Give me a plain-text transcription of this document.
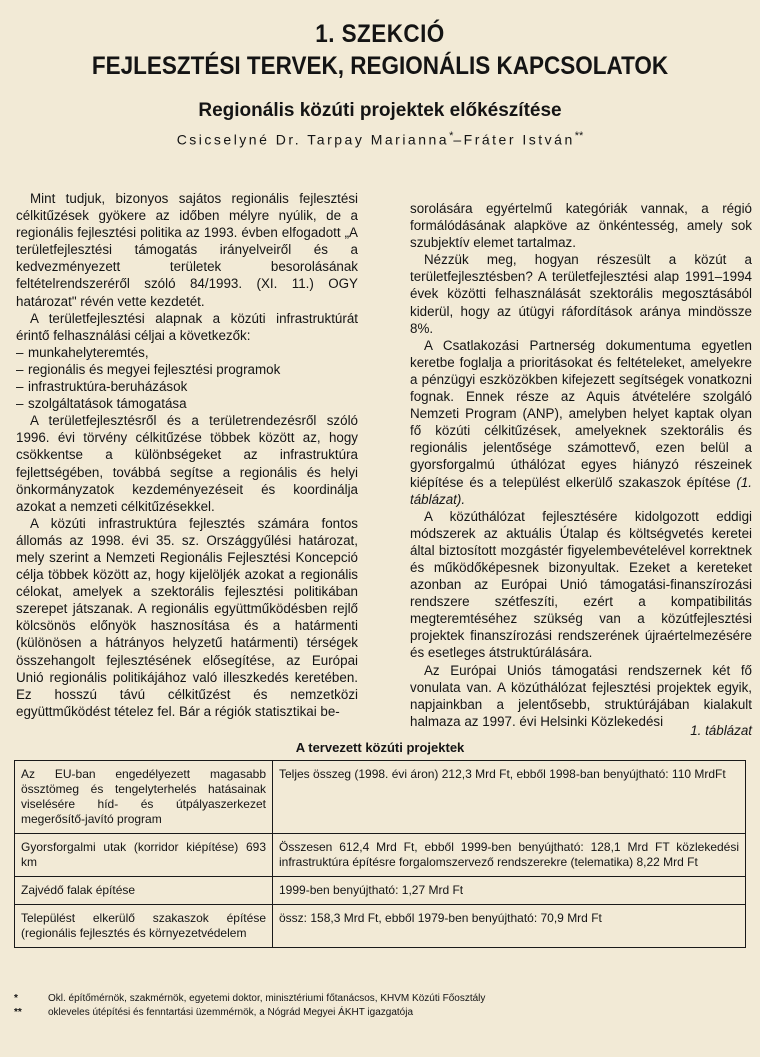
1. SZEKCIÓ
FEJLESZTÉSI TERVEK, REGIONÁLIS KAPCSOLATOK
Regionális közúti projektek előkészítése
Csicselyné Dr. Tarpay Marianna*–Fráter István**

Mint tudjuk, bizonyos sajátos regionális fejlesztési célkitűzések gyökere az időben mélyre nyúlik, de a regionális fejlesztési politika az 1993. évben elfogadott „A területfejlesztési támogatás irányelveiről és a kedvezményezett területek besorolásának feltételrendszeréről szóló 84/1993. (XI. 11.) OGY határozat" révén vette kezdetét.

A területfejlesztési alapnak a közúti infrastruktúrát érintő felhasználási céljai a következők:

– munkahelyteremtés,
– regionális és megyei fejlesztési programok
– infrastruktúra-beruházások
– szolgáltatások támogatása

A területfejlesztésről és a területrendezésről szóló 1996. évi törvény célkitűzése többek között az, hogy csökkentse a különbségeket az infrastruktúra fejlettségében, továbbá segítse a regionális és helyi önkormányzatok kezdeményezéseit és koordinálja azokat a nemzeti célkitűzésekkel.

A közúti infrastruktúra fejlesztés számára fontos állomás az 1998. évi 35. sz. Országgyűlési határozat, mely szerint a Nemzeti Regionális Fejlesztési Koncepció célja többek között az, hogy kijelöljék azokat a regionális célokat, amelyek a szektorális fejlesztési politikában szerepet játszanak. A regionális együttműködésben rejlő kölcsönös előnyök hasznosítása és a határmenti (különösen a hátrányos helyzetű határmenti) térségek összehangolt fejlesztésének elősegítése, az Európai Unió regionális politikájához való illeszkedés keretében. Ez hosszú távú célkitűzést és nemzetközi együttműködést tételez fel. Bár a régiók statisztikai be-

sorolására egyértelmű kategóriák vannak, a régió formálódásának alapköve az önkéntesség, amely sok szubjektív elemet tartalmaz.

Nézzük meg, hogyan részesült a közút a területfejlesztésben? A területfejlesztési alap 1991–1994 évek közötti felhasználását szektorális megosztásából kiderül, hogy az útügyi ráfordítások aránya mindössze 8%.

A Csatlakozási Partnerség dokumentuma egyetlen keretbe foglalja a prioritásokat és feltételeket, amelyekre a pénzügyi eszközökben kifejezett segítségek vonatkozni fognak. Ennek része az Aquis átvételére szolgáló Nemzeti Program (ANP), amelyben helyet kaptak olyan fő közúti célkitűzések, amelyeknek szektorális és regionális jelentősége számottevő, ezen belül a gyorsforgalmú úthálózat egyes hiányzó részeinek kiépítése és a települést elkerülő szakaszok építése (1. táblázat).

A közúthálózat fejlesztésére kidolgozott eddigi módszerek az aktuális Útalap és költségvetés keretei által biztosított mozgástér figyelembevételével korrektnek és működőképesnek bizonyultak. Ezeket a kereteket azonban az Európai Unió támogatási-finanszírozási rendszere szétfeszíti, ezért a kompatibilitás megteremtéséhez szükség van a közútfejlesztési projektek finanszírozási rendszerének újraértelmezésére és esetleges átstruktúrálására.

Az Európai Uniós támogatási rendszernek két fő vonulata van. A közúthálózat fejlesztési projektek egyik, napjainkban a jelentősebb, struktúrájában kialakult halmaza az 1997. évi Helsinki Közlekedési

1. táblázat
A tervezett közúti projektek
Az EU-ban engedélyezett magasabb össztömeg és tengelyterhelés hatásainak viselésére híd- és útpályaszerkezet megerősítő-javító program	Teljes összeg (1998. évi áron) 212,3 Mrd Ft, ebből 1998-ban benyújtható: 110 MrdFt
Gyorsforgalmi utak (korridor kiépítése) 693 km	Összesen 612,4 Mrd Ft, ebből 1999-ben benyújtható: 128,1 Mrd FT közlekedési infrastruktúra építésre forgalomszervező rendszerekre (telematika) 8,22 Mrd Ft
Zajvédő falak építése	1999-ben benyújtható: 1,27 Mrd Ft
Települést elkerülő szakaszok építése (regionális fejlesztés és környezetvédelem	össz: 158,3 Mrd Ft, ebből 1979-ben benyújtható: 70,9 Mrd Ft
*	Okl. építőmérnök, szakmérnök, egyetemi doktor, minisztériumi főtanácsos, KHVM Közúti Főosztály
**	okleveles útépítési és fenntartási üzemmérnök, a Nógrád Megyei ÁKHT igazgatója
